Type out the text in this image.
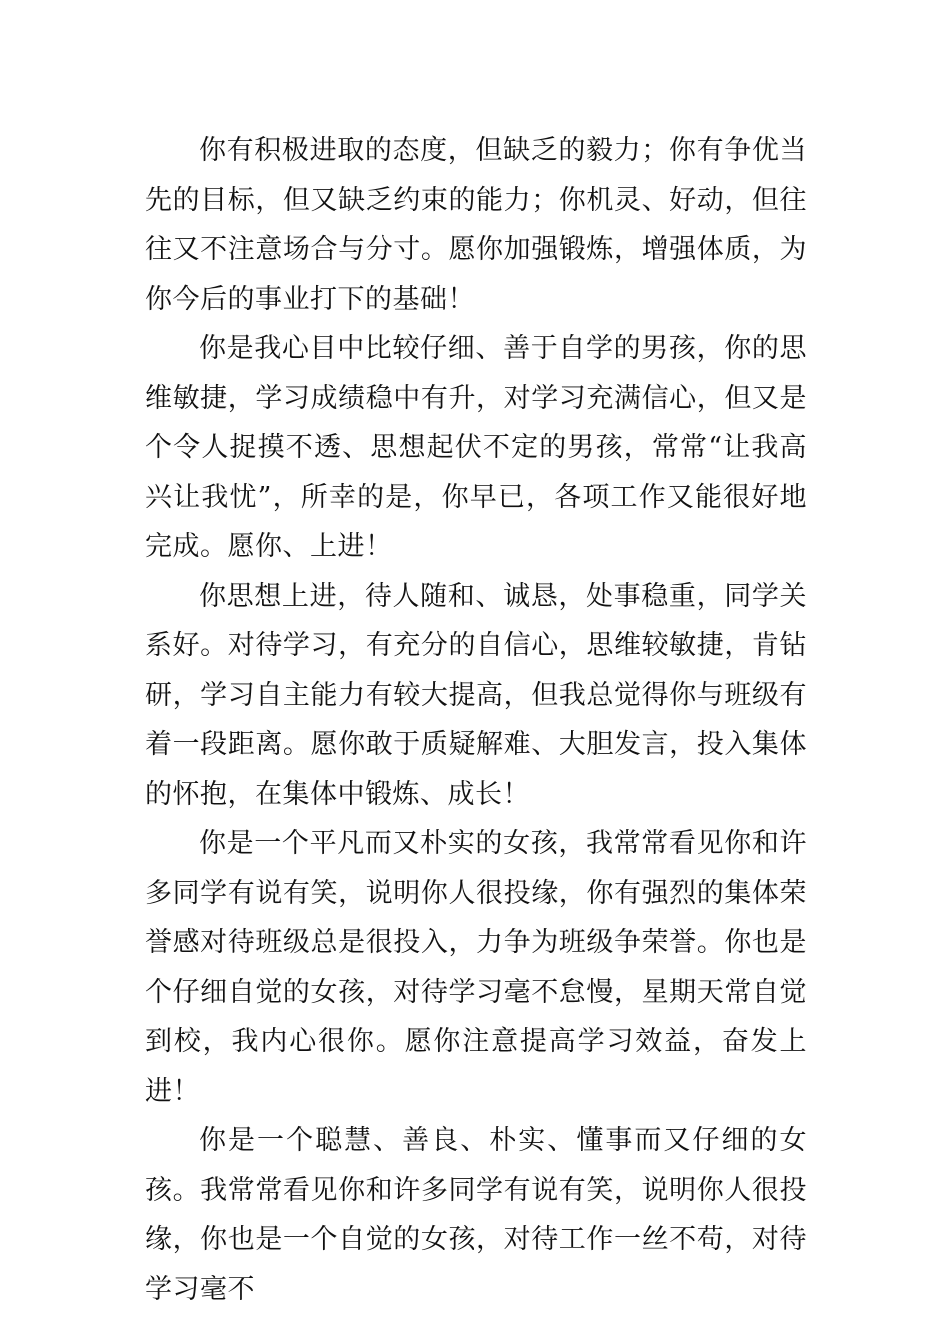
你有积极进取的态度，但缺乏的毅力；你有争优当先的目标，但又缺乏约束的能力；你机灵、好动，但往往又不注意场合与分寸。愿你加强锻炼，增强体质，为你今后的事业打下的基础！

你是我心目中比较仔细、善于自学的男孩，你的思维敏捷，学习成绩稳中有升，对学习充满信心，但又是个令人捉摸不透、思想起伏不定的男孩，常常“让我高兴让我忧”，所幸的是，你早已，各项工作又能很好地完成。愿你、上进！

你思想上进，待人随和、诚恳，处事稳重，同学关系好。对待学习，有充分的自信心，思维较敏捷，肯钻研，学习自主能力有较大提高，但我总觉得你与班级有着一段距离。愿你敢于质疑解难、大胆发言，投入集体的怀抱，在集体中锻炼、成长！

你是一个平凡而又朴实的女孩，我常常看见你和许多同学有说有笑，说明你人很投缘，你有强烈的集体荣誉感对待班级总是很投入，力争为班级争荣誉。你也是个仔细自觉的女孩，对待学习毫不怠慢，星期天常自觉到校，我内心很你。愿你注意提高学习效益，奋发上进！

你是一个聪慧、善良、朴实、懂事而又仔细的女孩。我常常看见你和许多同学有说有笑，说明你人很投缘，你也是一个自觉的女孩，对待工作一丝不苟，对待学习毫不
